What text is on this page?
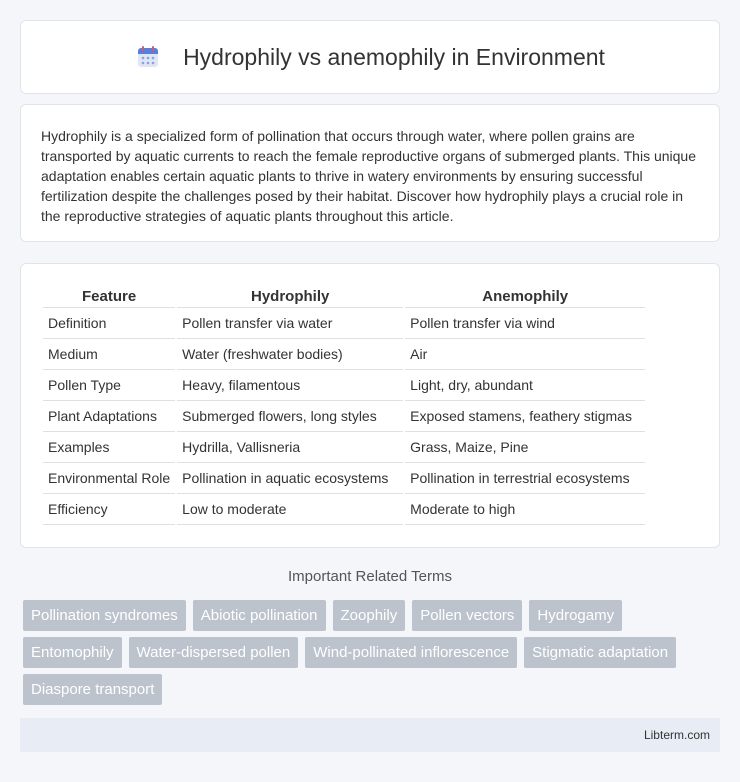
Hydrophily vs anemophily in Environment

Hydrophily is a specialized form of pollination that occurs through water, where pollen grains are transported by aquatic currents to reach the female reproductive organs of submerged plants. This unique adaptation enables certain aquatic plants to thrive in watery environments by ensuring successful fertilization despite the challenges posed by their habitat. Discover how hydrophily plays a crucial role in the reproductive strategies of aquatic plants throughout this article.

Feature	Hydrophily	Anemophily
Definition	Pollen transfer via water	Pollen transfer via wind
Medium	Water (freshwater bodies)	Air
Pollen Type	Heavy, filamentous	Light, dry, abundant
Plant Adaptations	Submerged flowers, long styles	Exposed stamens, feathery stigmas
Examples	Hydrilla, Vallisneria	Grass, Maize, Pine
Environmental Role	Pollination in aquatic ecosystems	Pollination in terrestrial ecosystems
Efficiency	Low to moderate	Moderate to high
Important Related Terms
Pollination syndromes	Abiotic pollination	Zoophily	Pollen vectors	Hydrogamy
Entomophily	Water-dispersed pollen	Wind-pollinated inflorescence	Stigmatic adaptation
Diaspore transport
Libterm.com
